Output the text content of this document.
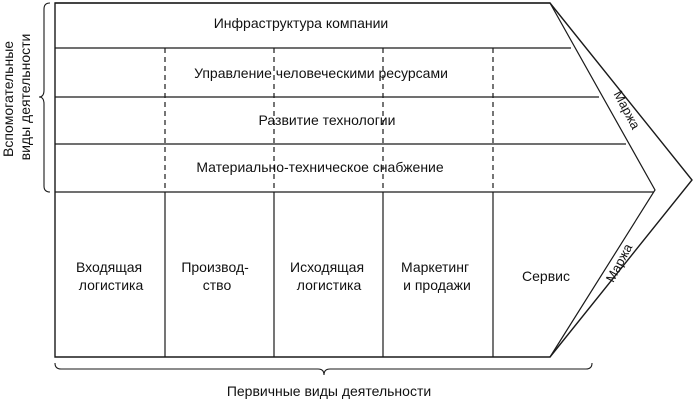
Инфраструктура компании
Управление человеческими ресурсами
Развитие технологии
Материально-техническое снабжение
Входящая логистика
Производ- ство
Исходящая логистика
Маркетинг и продажи
Сервис
Маржа
Маржа
Вспомогательные виды деятельности
Первичные виды деятельности
